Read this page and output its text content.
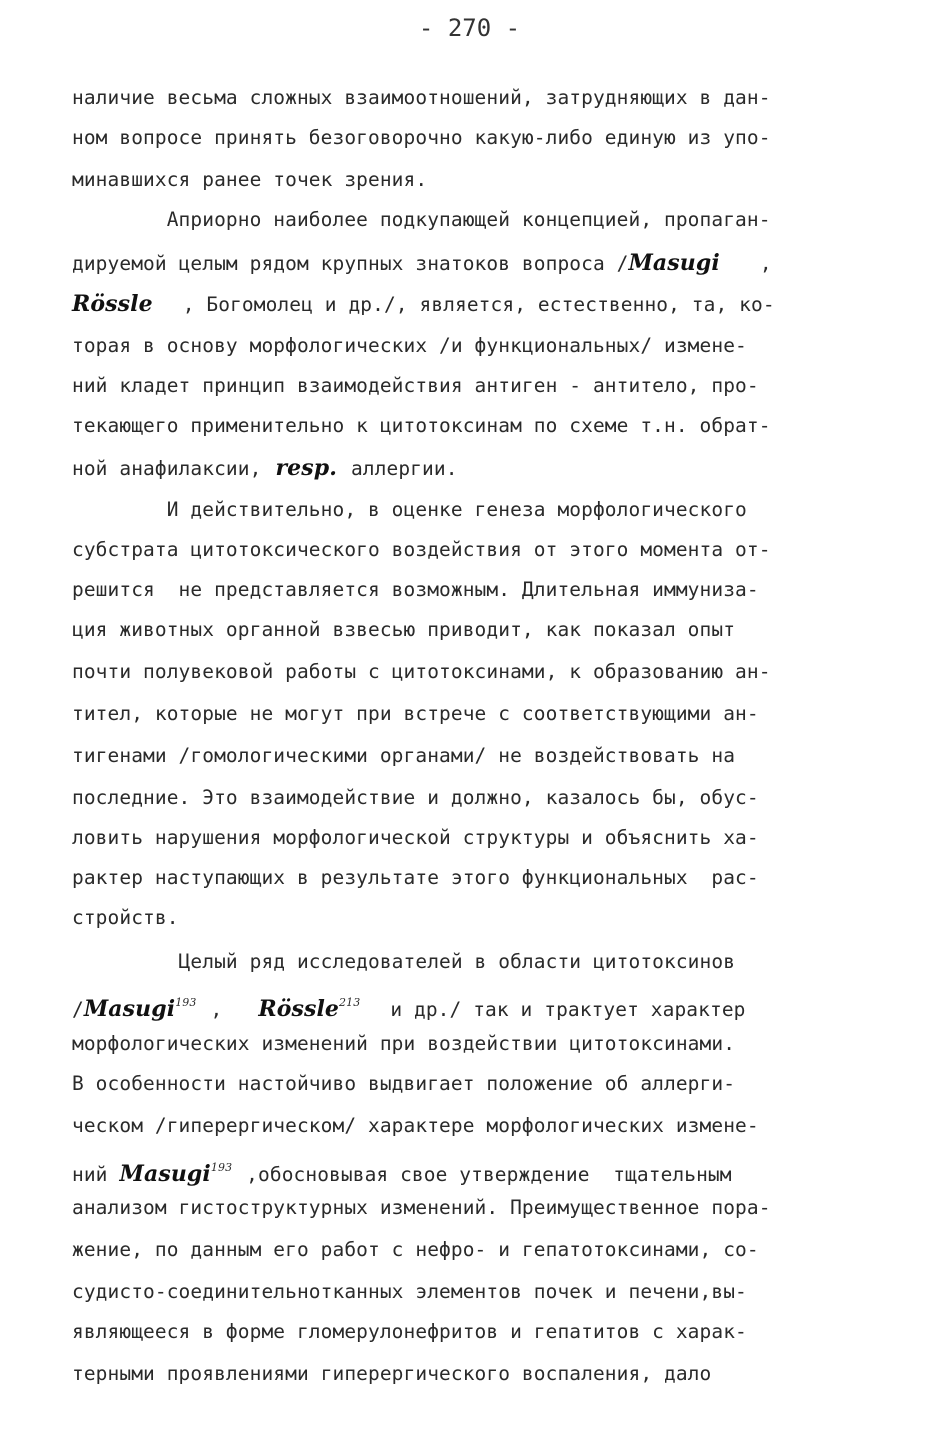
- 270 -
наличие весьма сложных взаимоотношений, затрудняющих в дан-
ном вопросе принять безоговорочно какую-либо единую из упо-
минавшихся ранее точек зрения.
Априорно наиболее подкупающей концепцией, пропаган-
дируемой целым рядом крупных знатоков вопроса /Masugi ,
Rössle , Богомолец и др./, является, естественно, та, ко-
торая в основу морфологических /и функциональных/ измене-
ний кладет принцип взаимодействия антиген - антитело, про-
текающего применительно к цитотоксинам по схеме т.н. обрат-
ной анафилаксии, resp. аллергии.
И действительно, в оценке генеза морфологического
субстрата цитотоксического воздействия от этого момента от-
решится  не представляется возможным. Длительная иммуниза-
ция животных органной взвесью приводит, как показал опыт
почти полувековой работы с цитотоксинами, к образованию ан-
тител, которые не могут при встрече с соответствующими ан-
тигенами /гомологическими органами/ не воздействовать на
последние. Это взаимодействие и должно, казалось бы, обус-
ловить нарушения морфологической структуры и объяснить ха-
рактер наступающих в результате этого функциональных  рас-
стройств.
Целый ряд исследователей в области цитотоксинов
/Masugi$^{193}$ , Rössle$^{213}$ и др./ так и трактует характер
морфологических изменений при воздействии цитотоксинами.
В особенности настойчиво выдвигает положение об аллерги-
ческом /гиперергическом/ характере морфологических измене-
ний Masugi$^{193}$ ,обосновывая свое утверждение  тщательным
анализом гистоструктурных изменений. Преимущественное пора-
жение, по данным его работ с нефро- и гепатотоксинами, со-
судисто-соединительнотканных элементов почек и печени,вы-
являющееся в форме гломерулонефритов и гепатитов с харак-
терными проявлениями гиперергического воспаления, дало
